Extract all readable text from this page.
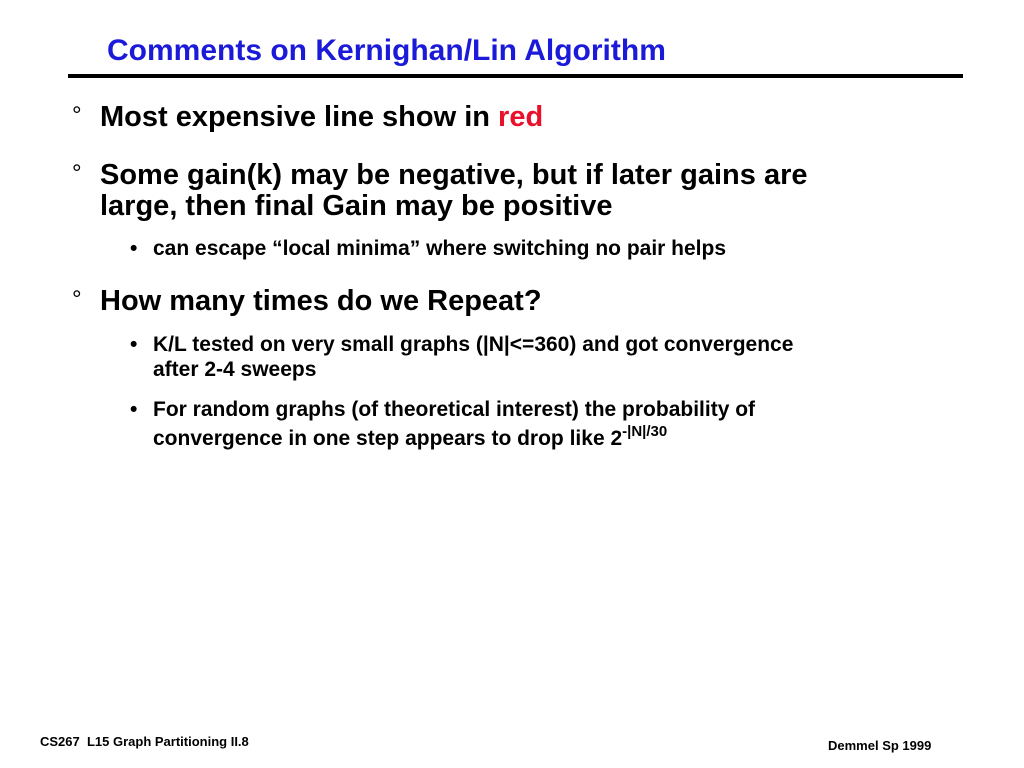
Comments on Kernighan/Lin Algorithm
° Most expensive line show in red
° Some gain(k) may be negative, but if later gains are
large, then final Gain may be positive
• can escape “local minima” where switching no pair helps
° How many times do we Repeat?
• K/L tested on very small graphs (|N|<=360) and got convergence
after 2-4 sweeps
• For random graphs (of theoretical interest) the probability of
convergence in one step appears to drop like $2^{-|N|/30}$
CS267  L15 Graph Partitioning II.8	Demmel Sp 1999
